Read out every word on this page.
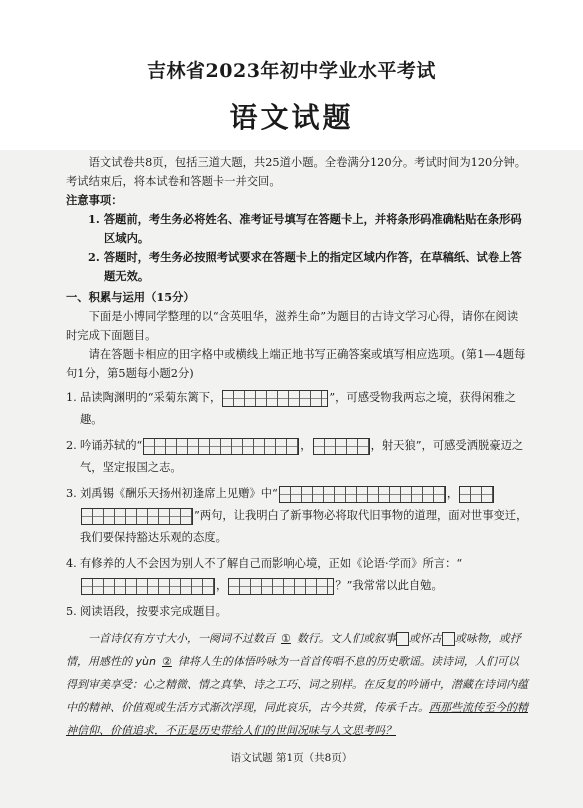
吉林省2023年初中学业水平考试
语文试题

语文试卷共8页，包括三道大题，共25道小题。全卷满分120分。考试时间为120分钟。考试结束后，将本试卷和答题卡一并交回。

注意事项：

1. 答题前，考生务必将姓名、准考证号填写在答题卡上，并将条形码准确粘贴在条形码区域内。

2. 答题时，考生务必按照考试要求在答题卡上的指定区域内作答，在草稿纸、试卷上答题无效。

一、积累与运用（15分）

下面是小博同学整理的以“含英咀华，滋养生命”为题目的古诗文学习心得，请你在阅读时完成下面题目。

请在答题卡相应的田字格中或横线上端正地书写正确答案或填写相应选项。(第1—4题每句1分，第5题每小题2分)

1. 品读陶渊明的“采菊东篱下，	”，可感受物我两忘之境，获得闲雅之趣。
2. 吟诵苏轼的“	，	，射天狼”，可感受洒脱豪迈之气，坚定报国之志。
3. 刘禹锡《酬乐天扬州初逢席上见赠》中“	，”两句，让我明白了新事物必将取代旧事物的道理，面对世事变迁，我们要保持豁达乐观的态度。
4. 有修养的人不会因为别人不了解自己而影响心境，正如《论语·学而》所言：“，	？”我常常以此自勉。
5. 阅读语段，按要求完成题目。

一首诗仅有方寸大小，一阕词不过数百 ① 数行。文人们或叙事 或怀古 或咏物，或抒情，用感性的 yùn ② 律将人生的体悟吟咏为一首首传唱不息的历史歌谣。读诗词，人们可以得到审美享受：心之精微、情之真挚、诗之工巧、词之别样。在反复的吟诵中，潜藏在诗词内蕴中的精神、价值观或生活方式渐次浮现，同此哀乐，古今共赏，传承千古。西那些流传至今的精神信仰、价值追求，不正是历史带给人们的世间况味与人文思考吗？

语文试题 第1页（共8页）
